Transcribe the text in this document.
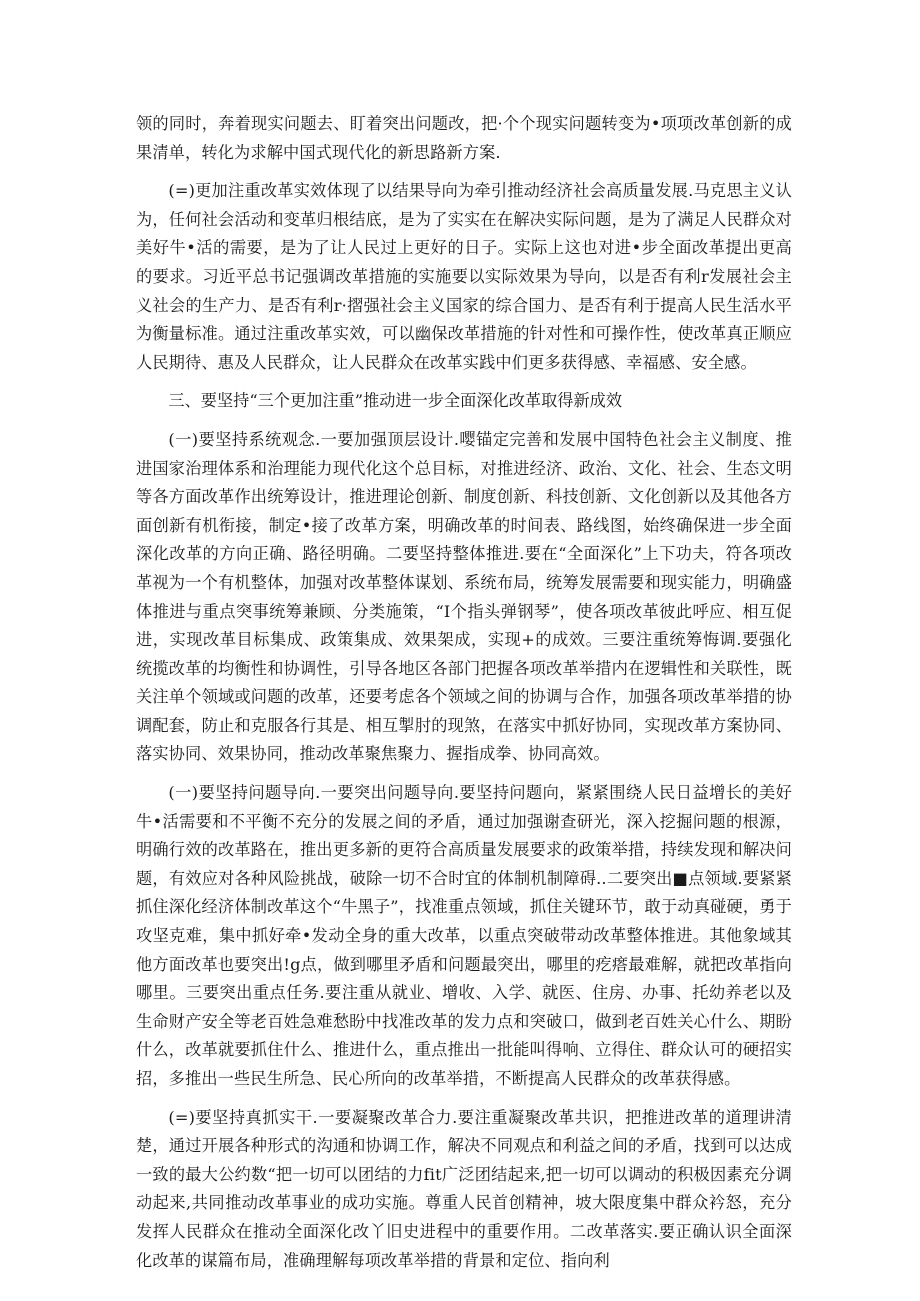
领的同时，奔着现实问题去、盯着突出问题改，把·个个现实问题转变为•项项改革创新的成果清单，转化为求解中国式现代化的新思路新方案.

(=)更加注重改革实效体现了以结果导向为牵引推动经济社会高质量发展.马克思主义认为，任何社会活动和变革归根结底，是为了实实在在解决实际问题，是为了满足人民群众对美好牛•活的需要，是为了让人民过上更好的日子。实际上这也对进•步全面改革提出更高的要求。习近平总书记强调改革措施的实施要以实际效果为导向，以是否有利r发展社会主义社会的生产力、是否有利r·摺强社会主义国家的综合国力、是否有利于提高人民生活水平为衡量标准。通过注重改革实效，可以幽保改革措施的针对性和可操作性，使改革真正顺应人民期待、惠及人民群众，让人民群众在改革实践中们更多获得感、幸福感、安全感。

三、要坚持“三个更加注重”推动进一步全面深化改革取得新成效

(一)要坚持系统观念.一要加强顶层设计.嘤锚定完善和发展中国特色社会主义制度、推进国家治理体系和治理能力现代化这个总目标，对推进经济、政治、文化、社会、生态文明等各方面改革作出统筹设计，推进理论创新、制度创新、科技创新、文化创新以及其他各方面创新有机衔接，制定•接了改革方案，明确改革的时间表、路线图，始终确保进一步全面深化改革的方向正确、路径明确。二要坚持整体推进.要在“全面深化”上下功夫，符各项改革视为一个有机整体，加强对改革整体谋划、系统布局，统筹发展需要和现实能力，明确盛体推进与重点突事统筹兼顾、分类施策，“I个指头弹钢琴”，使各项改革彼此呼应、相互促进，实现改革目标集成、政策集成、效果架成，实现+的成效。三要注重统筹悔调.要强化统揽改革的均衡性和协调性，引导各地区各部门把握各项改革举措内在逻辑性和关联性，既关注单个领域或问题的改革，还要考虑各个领域之间的协调与合作，加强各项改革举措的协调配套，防止和克服各行其是、相互掣肘的现煞，在落实中抓好协同，实现改革方案协同、落实协同、效果协同，推动改革聚焦聚力、握指成拳、协同高效。

(一)要坚持问题导向.一要突出问题导向.要坚持问题向，紧紧围绕人民日益增长的美好牛•活需要和不平衡不充分的发展之间的矛盾，通过加强谢查研光，深入挖掘问题的根源，明确行效的改革路在，推出更多新的更符合高质量发展要求的政策举措，持续发现和解决问题，有效应对各种风险挑战，破除一切不合时宜的体制机制障碍..二要突出■点领域.要紧紧抓住深化经济体制改革这个“牛黑子”，找准重点领域，抓住关键环节，敢于动真碰硬，勇于攻坚克难，集中抓好牵•发动全身的重大改革，以重点突破带动改革整体推进。其他象域其他方面改革也要突出!g点，做到哪里矛盾和问题最突出，哪里的疙瘩最难解，就把改革指向哪里。三要突出重点任务.要注重从就业、增收、入学、就医、住房、办事、托幼养老以及生命财产安全等老百姓急难愁盼中找准改革的发力点和突破口，做到老百姓关心什么、期盼什么，改革就要抓住什么、推进什么，重点推出一批能叫得响、立得住、群众认可的硬招实招，多推出一些民生所急、民心所向的改革举措，不断提高人民群众的改革获得感。

(=)要坚持真抓实干.一要凝聚改革合力.要注重凝聚改革共识，把推进改革的道理讲清楚，通过开展各种形式的沟通和协调工作，解决不同观点和利益之间的矛盾，找到可以达成一致的最大公约数“把一切可以团结的力fit广泛团结起来,把一切可以调动的积极因素充分调动起来,共同推动改革事业的成功实施。尊重人民首创精神，坡大限度集中群众衿怒，充分发挥人民群众在推动全面深化改丫旧史进程中的重要作用。二改革落实.要正确认识全面深化改革的谋篇布局，准确理解每项改革举措的背景和定位、指向利
